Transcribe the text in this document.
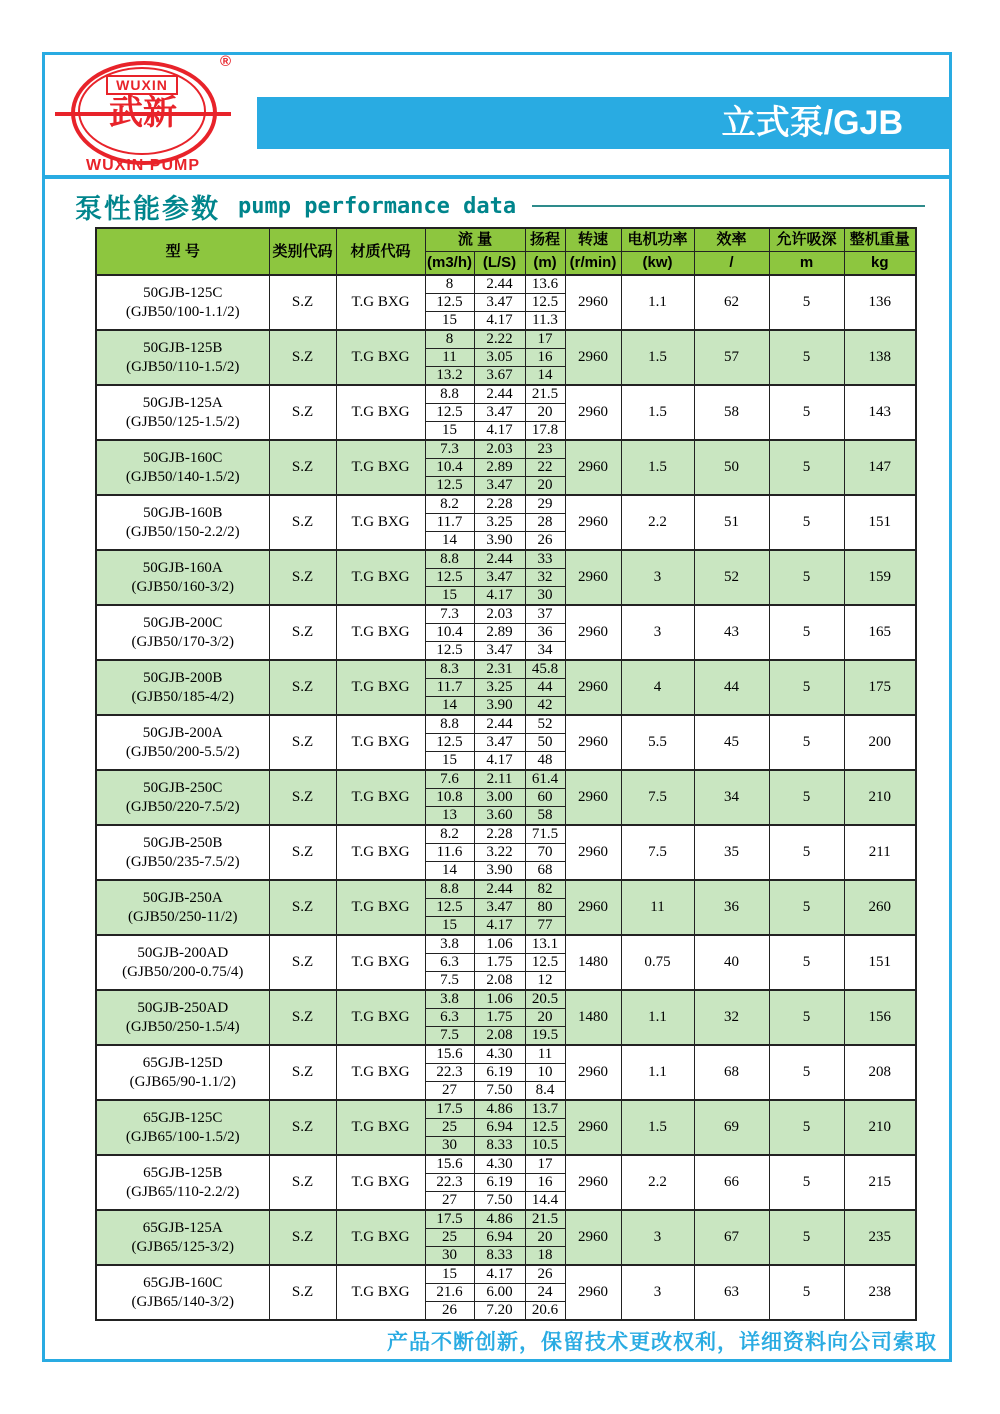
WUXIN
武新
®
WUXIN PUMP
立式泵/GJB
泵性能参数 pump performance data
型 号	类别代码	材质代码	流 量		扬程	转速	电机功率	效率	允许吸深	整机重量
			(m3/h)	(L/S)	(m)	(r/min)	(kw)	/	m	kg

50GJB-125C
(GJB50/100-1.1/2)	S.Z	T.G BXG	8	2.44	13.6	2960	1.1	62	5	136
			12.5	3.47	12.5					
			15	4.17	11.3					

50GJB-125B
(GJB50/110-1.5/2)	S.Z	T.G BXG	8	2.22	17	2960	1.5	57	5	138
			11	3.05	16					
			13.2	3.67	14					

50GJB-125A
(GJB50/125-1.5/2)	S.Z	T.G BXG	8.8	2.44	21.5	2960	1.5	58	5	143
			12.5	3.47	20					
			15	4.17	17.8					

50GJB-160C
(GJB50/140-1.5/2)	S.Z	T.G BXG	7.3	2.03	23	2960	1.5	50	5	147
			10.4	2.89	22					
			12.5	3.47	20					

50GJB-160B
(GJB50/150-2.2/2)	S.Z	T.G BXG	8.2	2.28	29	2960	2.2	51	5	151
			11.7	3.25	28					
			14	3.90	26					

50GJB-160A
(GJB50/160-3/2)	S.Z	T.G BXG	8.8	2.44	33	2960	3	52	5	159
			12.5	3.47	32					
			15	4.17	30					

50GJB-200C
(GJB50/170-3/2)	S.Z	T.G BXG	7.3	2.03	37	2960	3	43	5	165
			10.4	2.89	36					
			12.5	3.47	34					

50GJB-200B
(GJB50/185-4/2)	S.Z	T.G BXG	8.3	2.31	45.8	2960	4	44	5	175
			11.7	3.25	44					
			14	3.90	42					

50GJB-200A
(GJB50/200-5.5/2)	S.Z	T.G BXG	8.8	2.44	52	2960	5.5	45	5	200
			12.5	3.47	50					
			15	4.17	48					

50GJB-250C
(GJB50/220-7.5/2)	S.Z	T.G BXG	7.6	2.11	61.4	2960	7.5	34	5	210
			10.8	3.00	60					
			13	3.60	58					

50GJB-250B
(GJB50/235-7.5/2)	S.Z	T.G BXG	8.2	2.28	71.5	2960	7.5	35	5	211
			11.6	3.22	70					
			14	3.90	68					

50GJB-250A
(GJB50/250-11/2)	S.Z	T.G BXG	8.8	2.44	82	2960	11	36	5	260
			12.5	3.47	80					
			15	4.17	77					

50GJB-200AD
(GJB50/200-0.75/4)	S.Z	T.G BXG	3.8	1.06	13.1	1480	0.75	40	5	151
			6.3	1.75	12.5					
			7.5	2.08	12					

50GJB-250AD
(GJB50/250-1.5/4)	S.Z	T.G BXG	3.8	1.06	20.5	1480	1.1	32	5	156
			6.3	1.75	20					
			7.5	2.08	19.5					

65GJB-125D
(GJB65/90-1.1/2)	S.Z	T.G BXG	15.6	4.30	11	2960	1.1	68	5	208
			22.3	6.19	10					
			27	7.50	8.4					

65GJB-125C
(GJB65/100-1.5/2)	S.Z	T.G BXG	17.5	4.86	13.7	2960	1.5	69	5	210
			25	6.94	12.5					
			30	8.33	10.5					

65GJB-125B
(GJB65/110-2.2/2)	S.Z	T.G BXG	15.6	4.30	17	2960	2.2	66	5	215
			22.3	6.19	16					
			27	7.50	14.4					

65GJB-125A
(GJB65/125-3/2)	S.Z	T.G BXG	17.5	4.86	21.5	2960	3	67	5	235
			25	6.94	20					
			30	8.33	18					

65GJB-160C
(GJB65/140-3/2)	S.Z	T.G BXG	15	4.17	26	2960	3	63	5	238
			21.6	6.00	24					
			26	7.20	20.6					
产品不断创新，保留技术更改权利，详细资料向公司索取
